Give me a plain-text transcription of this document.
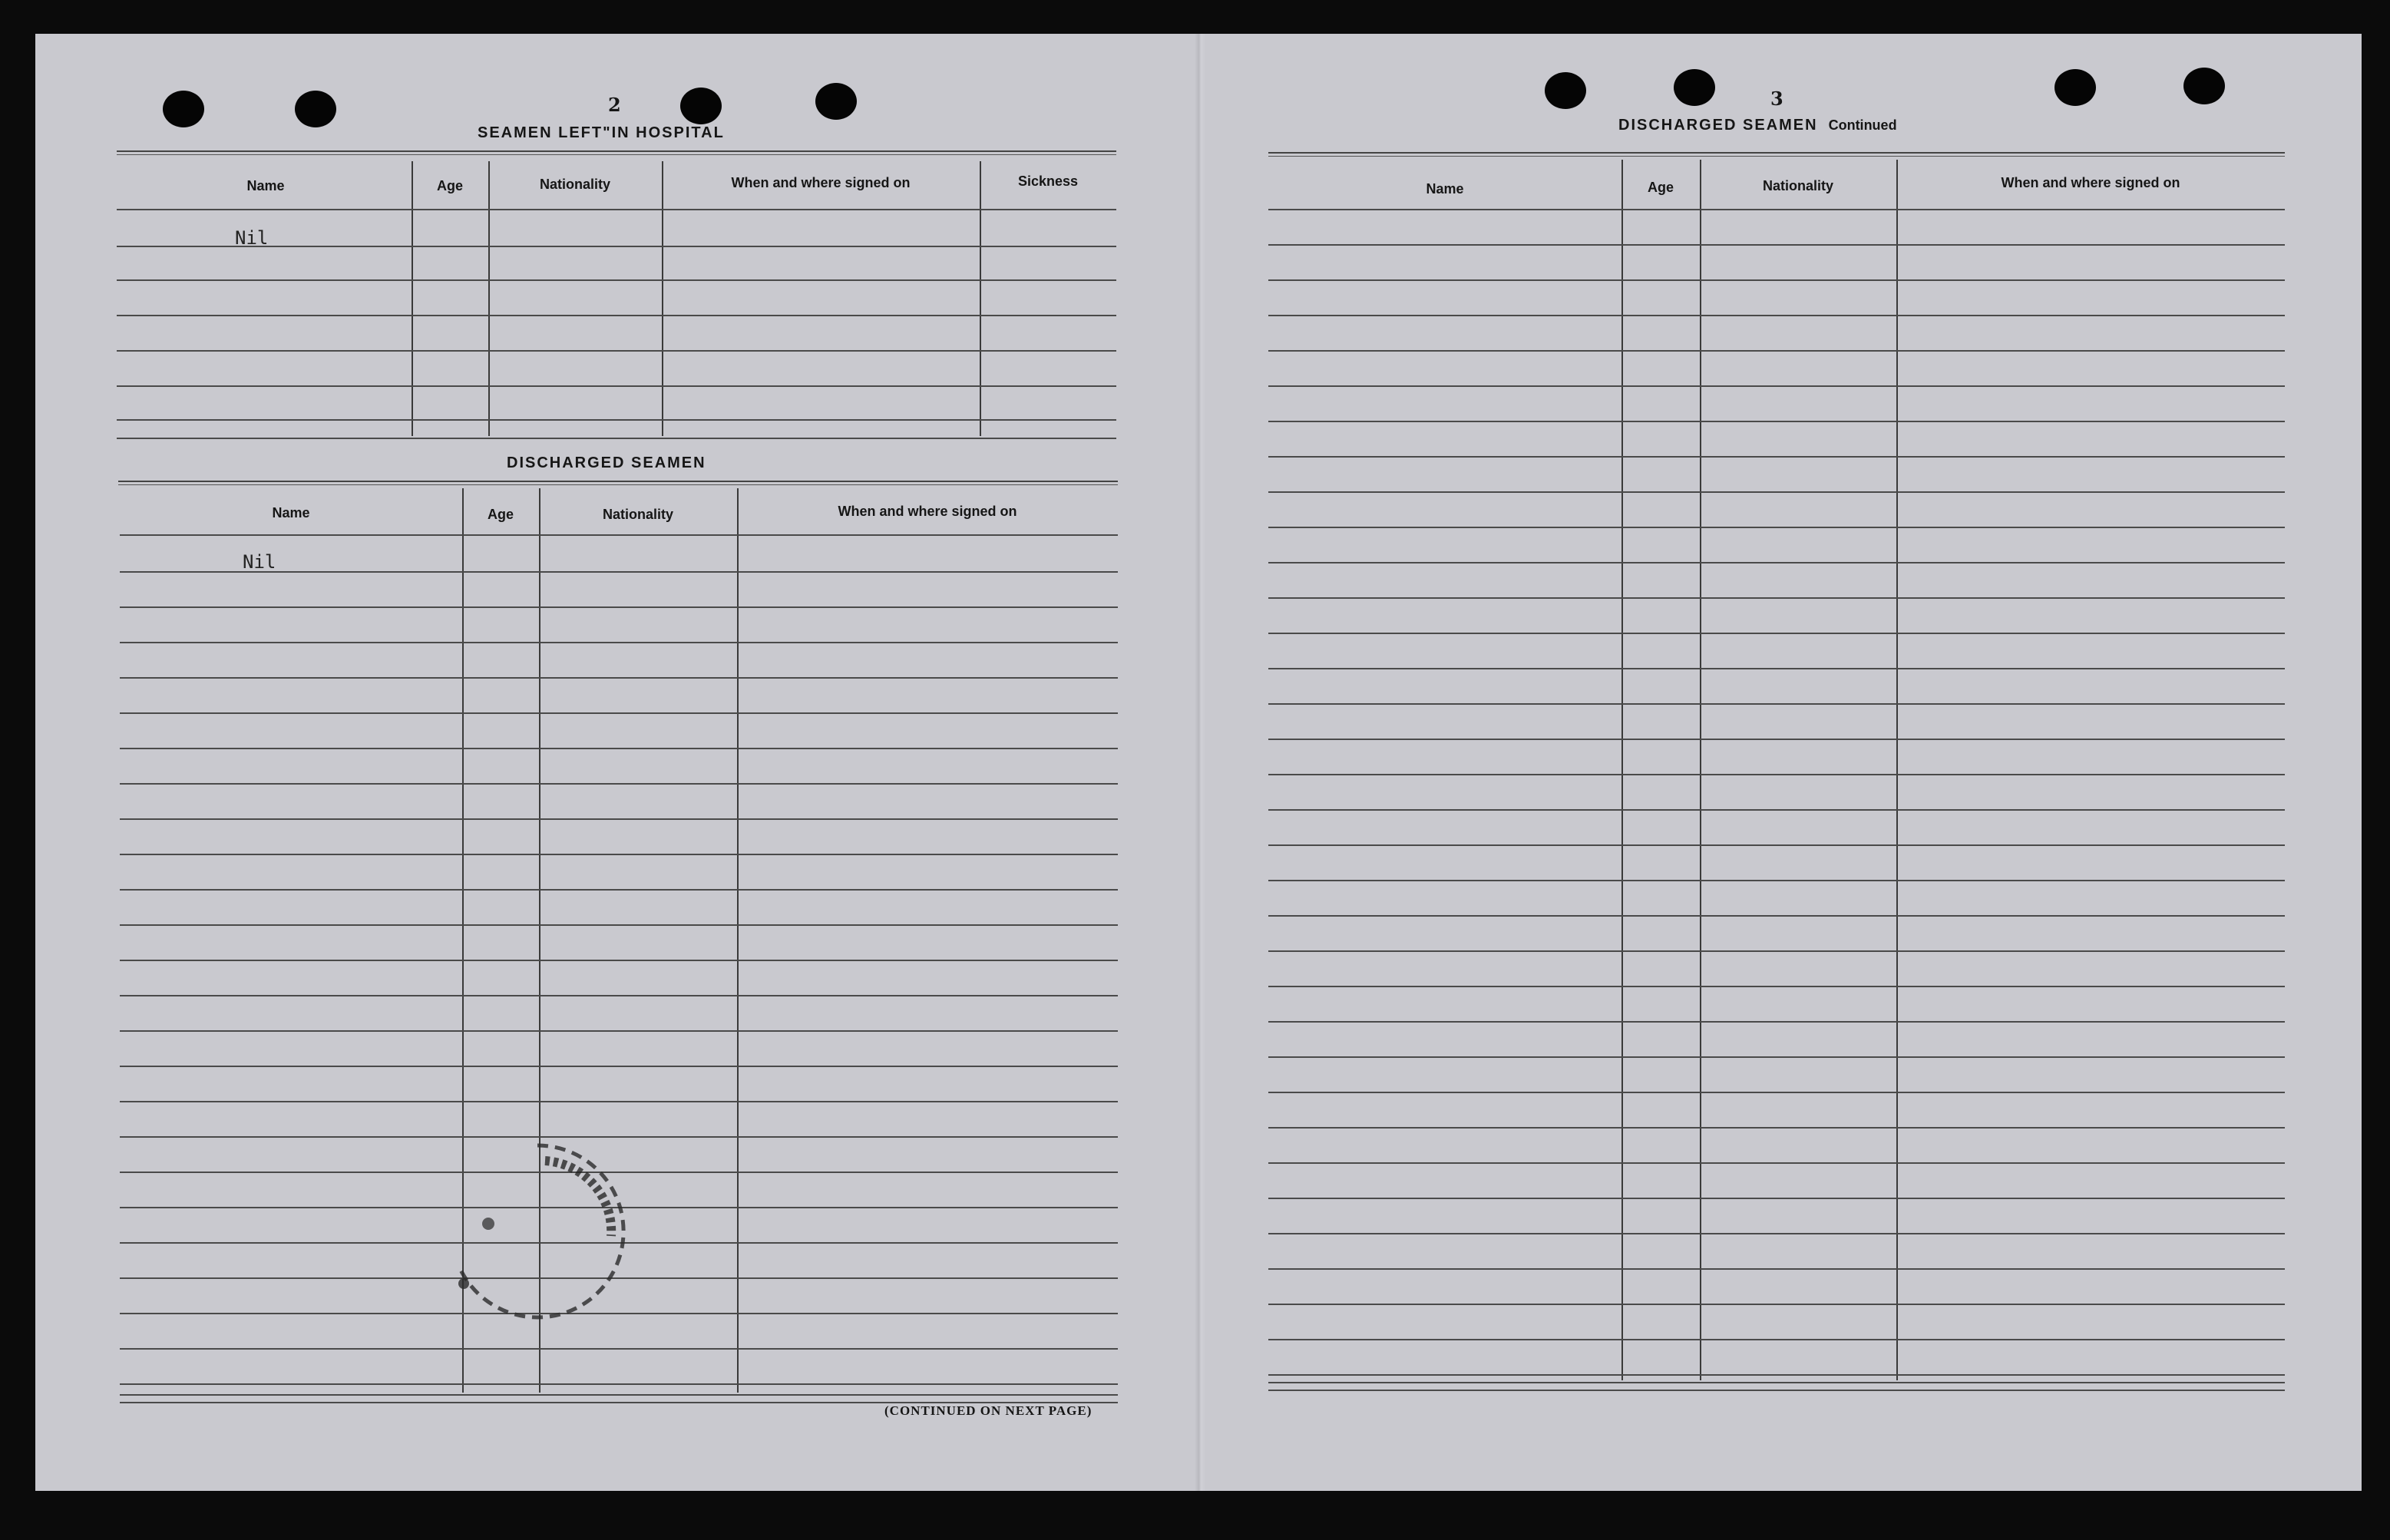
2
SEAMEN LEFT"IN HOSPITAL
Name	Age	Nationality	When and where signed on	Sickness
Nil
DISCHARGED SEAMEN
Name	Age	Nationality	When and where signed on
Nil
(CONTINUED ON NEXT PAGE)
3
DISCHARGED SEAMEN Continued
Name	Age	Nationality	When and where signed on
